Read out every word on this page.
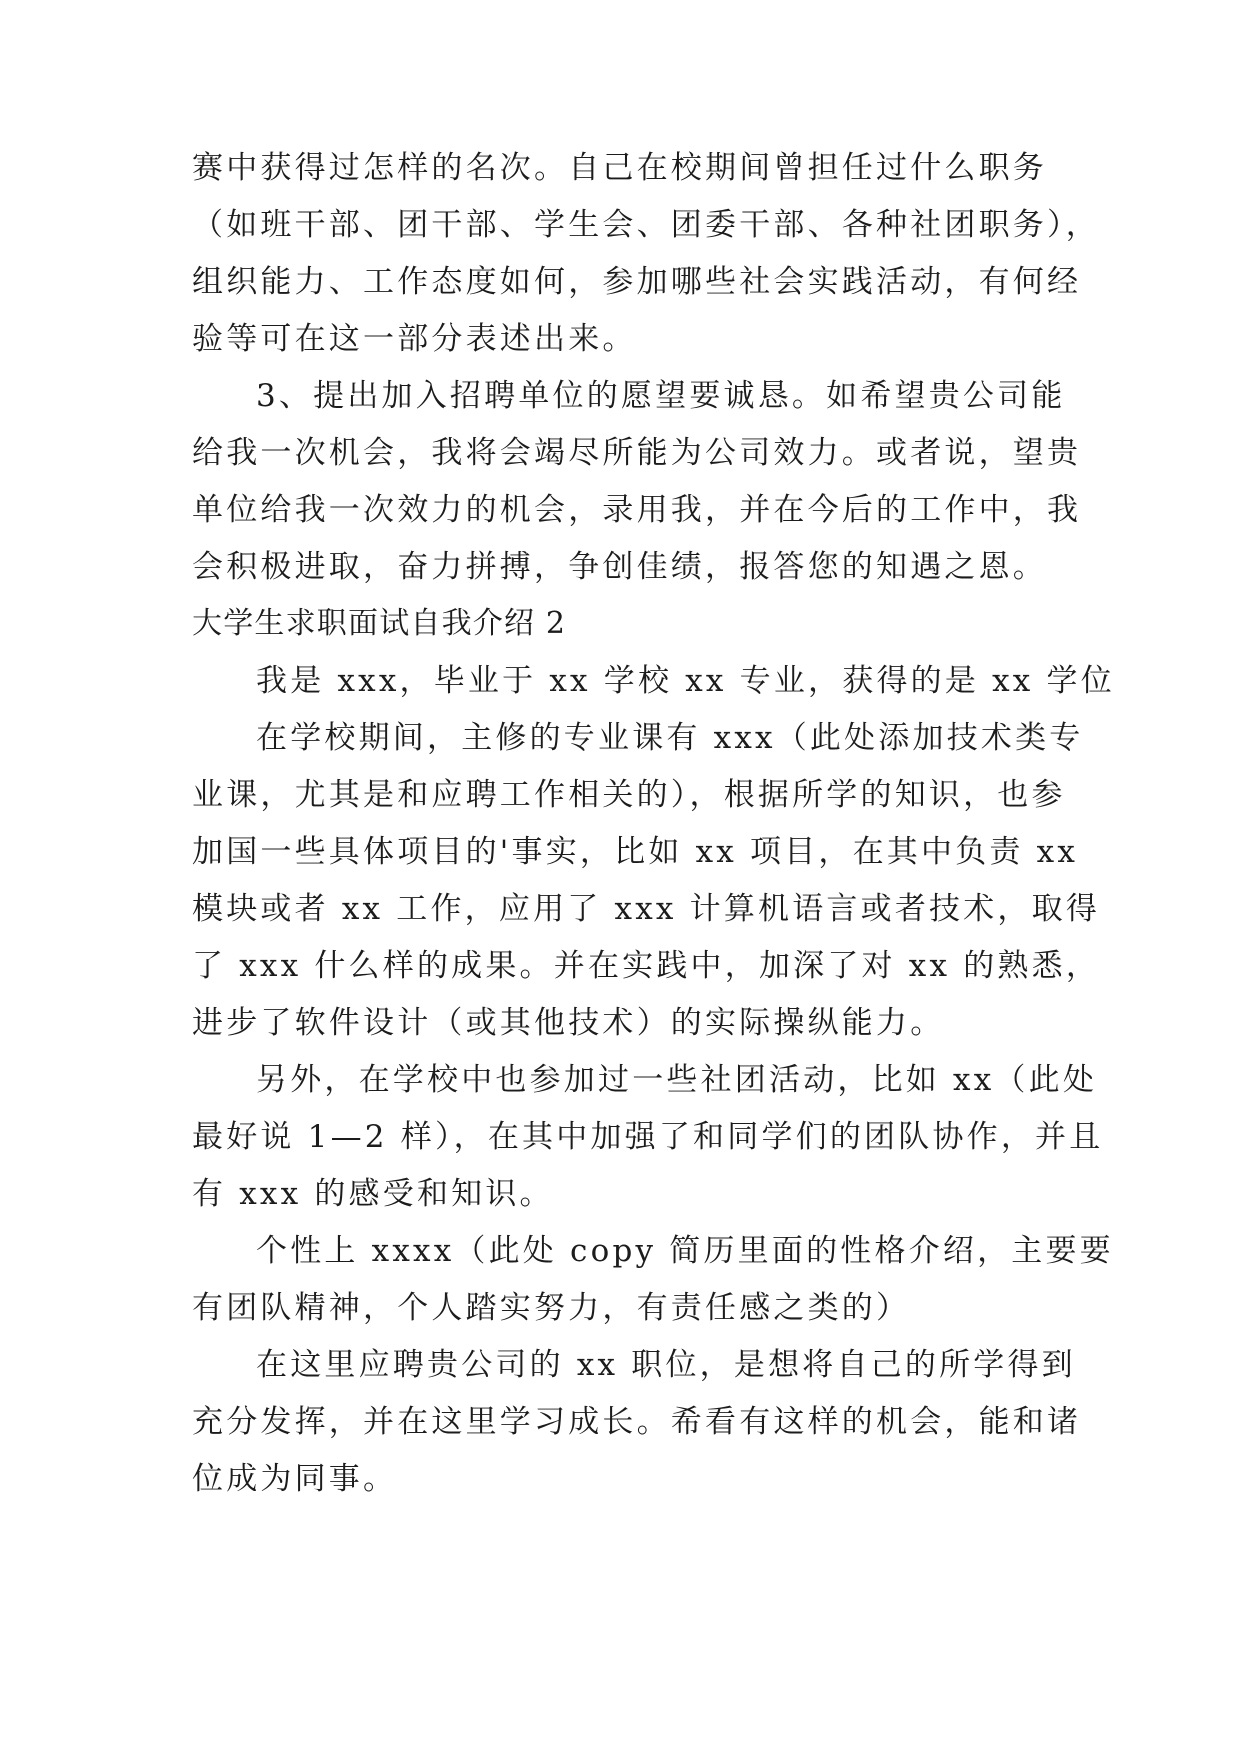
赛中获得过怎样的名次。自己在校期间曾担任过什么职务
（如班干部、团干部、学生会、团委干部、各种社团职务），
组织能力、工作态度如何，参加哪些社会实践活动，有何经
验等可在这一部分表述出来。
3、提出加入招聘单位的愿望要诚恳。如希望贵公司能
给我一次机会，我将会竭尽所能为公司效力。或者说，望贵
单位给我一次效力的机会，录用我，并在今后的工作中，我
会积极进取，奋力拼搏，争创佳绩，报答您的知遇之恩。
大学生求职面试自我介绍 2
我是 xxx，毕业于 xx 学校 xx 专业，获得的是 xx 学位
在学校期间，主修的专业课有 xxx（此处添加技术类专
业课，尤其是和应聘工作相关的），根据所学的知识，也参
加国一些具体项目的'事实，比如 xx 项目，在其中负责 xx
模块或者 xx 工作，应用了 xxx 计算机语言或者技术，取得
了 xxx 什么样的成果。并在实践中，加深了对 xx 的熟悉，
进步了软件设计（或其他技术）的实际操纵能力。
另外，在学校中也参加过一些社团活动，比如 xx（此处
最好说 1—2 样），在其中加强了和同学们的团队协作，并且
有 xxx 的感受和知识。
个性上 xxxx（此处 copy 简历里面的性格介绍，主要要
有团队精神，个人踏实努力，有责任感之类的）
在这里应聘贵公司的 xx 职位，是想将自己的所学得到
充分发挥，并在这里学习成长。希看有这样的机会，能和诸
位成为同事。
